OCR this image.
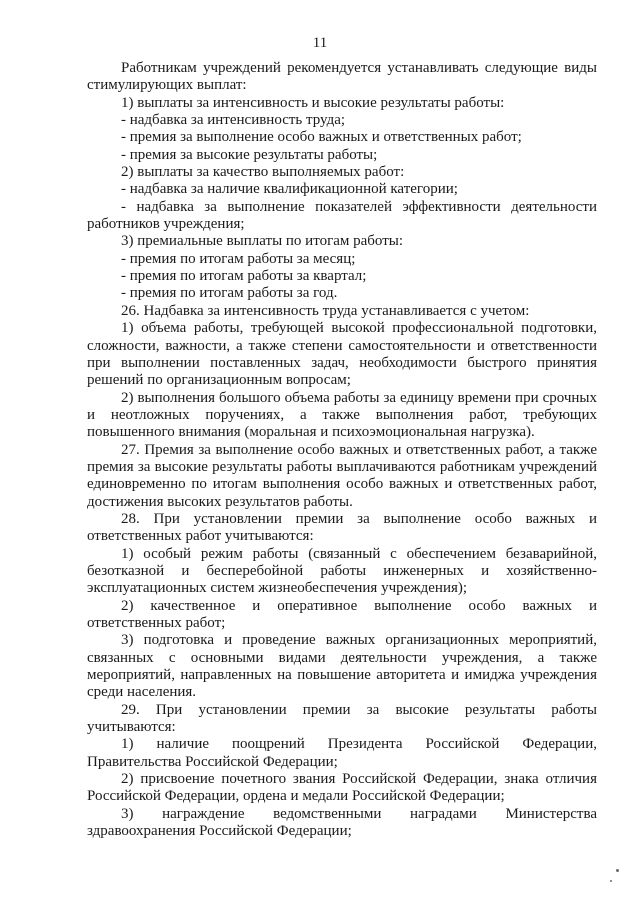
11

Работникам учреждений рекомендуется устанавливать следующие виды стимулирующих выплат:

1) выплаты за интенсивность и высокие результаты работы:

- надбавка за интенсивность труда;

- премия за выполнение особо важных и ответственных работ;

- премия за высокие результаты работы;

2) выплаты за качество выполняемых работ:

- надбавка за наличие квалификационной категории;

- надбавка за выполнение показателей эффективности деятельности работников учреждения;

3) премиальные выплаты по итогам работы:

- премия по итогам работы за месяц;

- премия по итогам работы за квартал;

- премия по итогам работы за год.

26. Надбавка за интенсивность труда устанавливается с учетом:

1) объема работы, требующей высокой профессиональной подготовки, сложности, важности, а также степени самостоятельности и ответственности при выполнении поставленных задач, необходимости быстрого принятия решений по организационным вопросам;

2) выполнения большого объема работы за единицу времени при срочных и неотложных поручениях, а также выполнения работ, требующих повышенного внимания (моральная и психоэмоциональная нагрузка).

27. Премия за выполнение особо важных и ответственных работ, а также премия за высокие результаты работы выплачиваются работникам учреждений единовременно по итогам выполнения особо важных и ответственных работ, достижения высоких результатов работы.

28. При установлении премии за выполнение особо важных и ответственных работ учитываются:

1) особый режим работы (связанный с обеспечением безаварийной, безотказной и бесперебойной работы инженерных и хозяйственно-эксплуатационных систем жизнеобеспечения учреждения);

2) качественное и оперативное выполнение особо важных и ответственных работ;

3) подготовка и проведение важных организационных мероприятий, связанных с основными видами деятельности учреждения, а также мероприятий, направленных на повышение авторитета и имиджа учреждения среди населения.

29. При установлении премии за высокие результаты работы учитываются:

1) наличие поощрений Президента Российской Федерации, Правительства Российской Федерации;

2) присвоение почетного звания Российской Федерации, знака отличия Российской Федерации, ордена и медали Российской Федерации;

3) награждение ведомственными наградами Министерства здравоохранения Российской Федерации;
